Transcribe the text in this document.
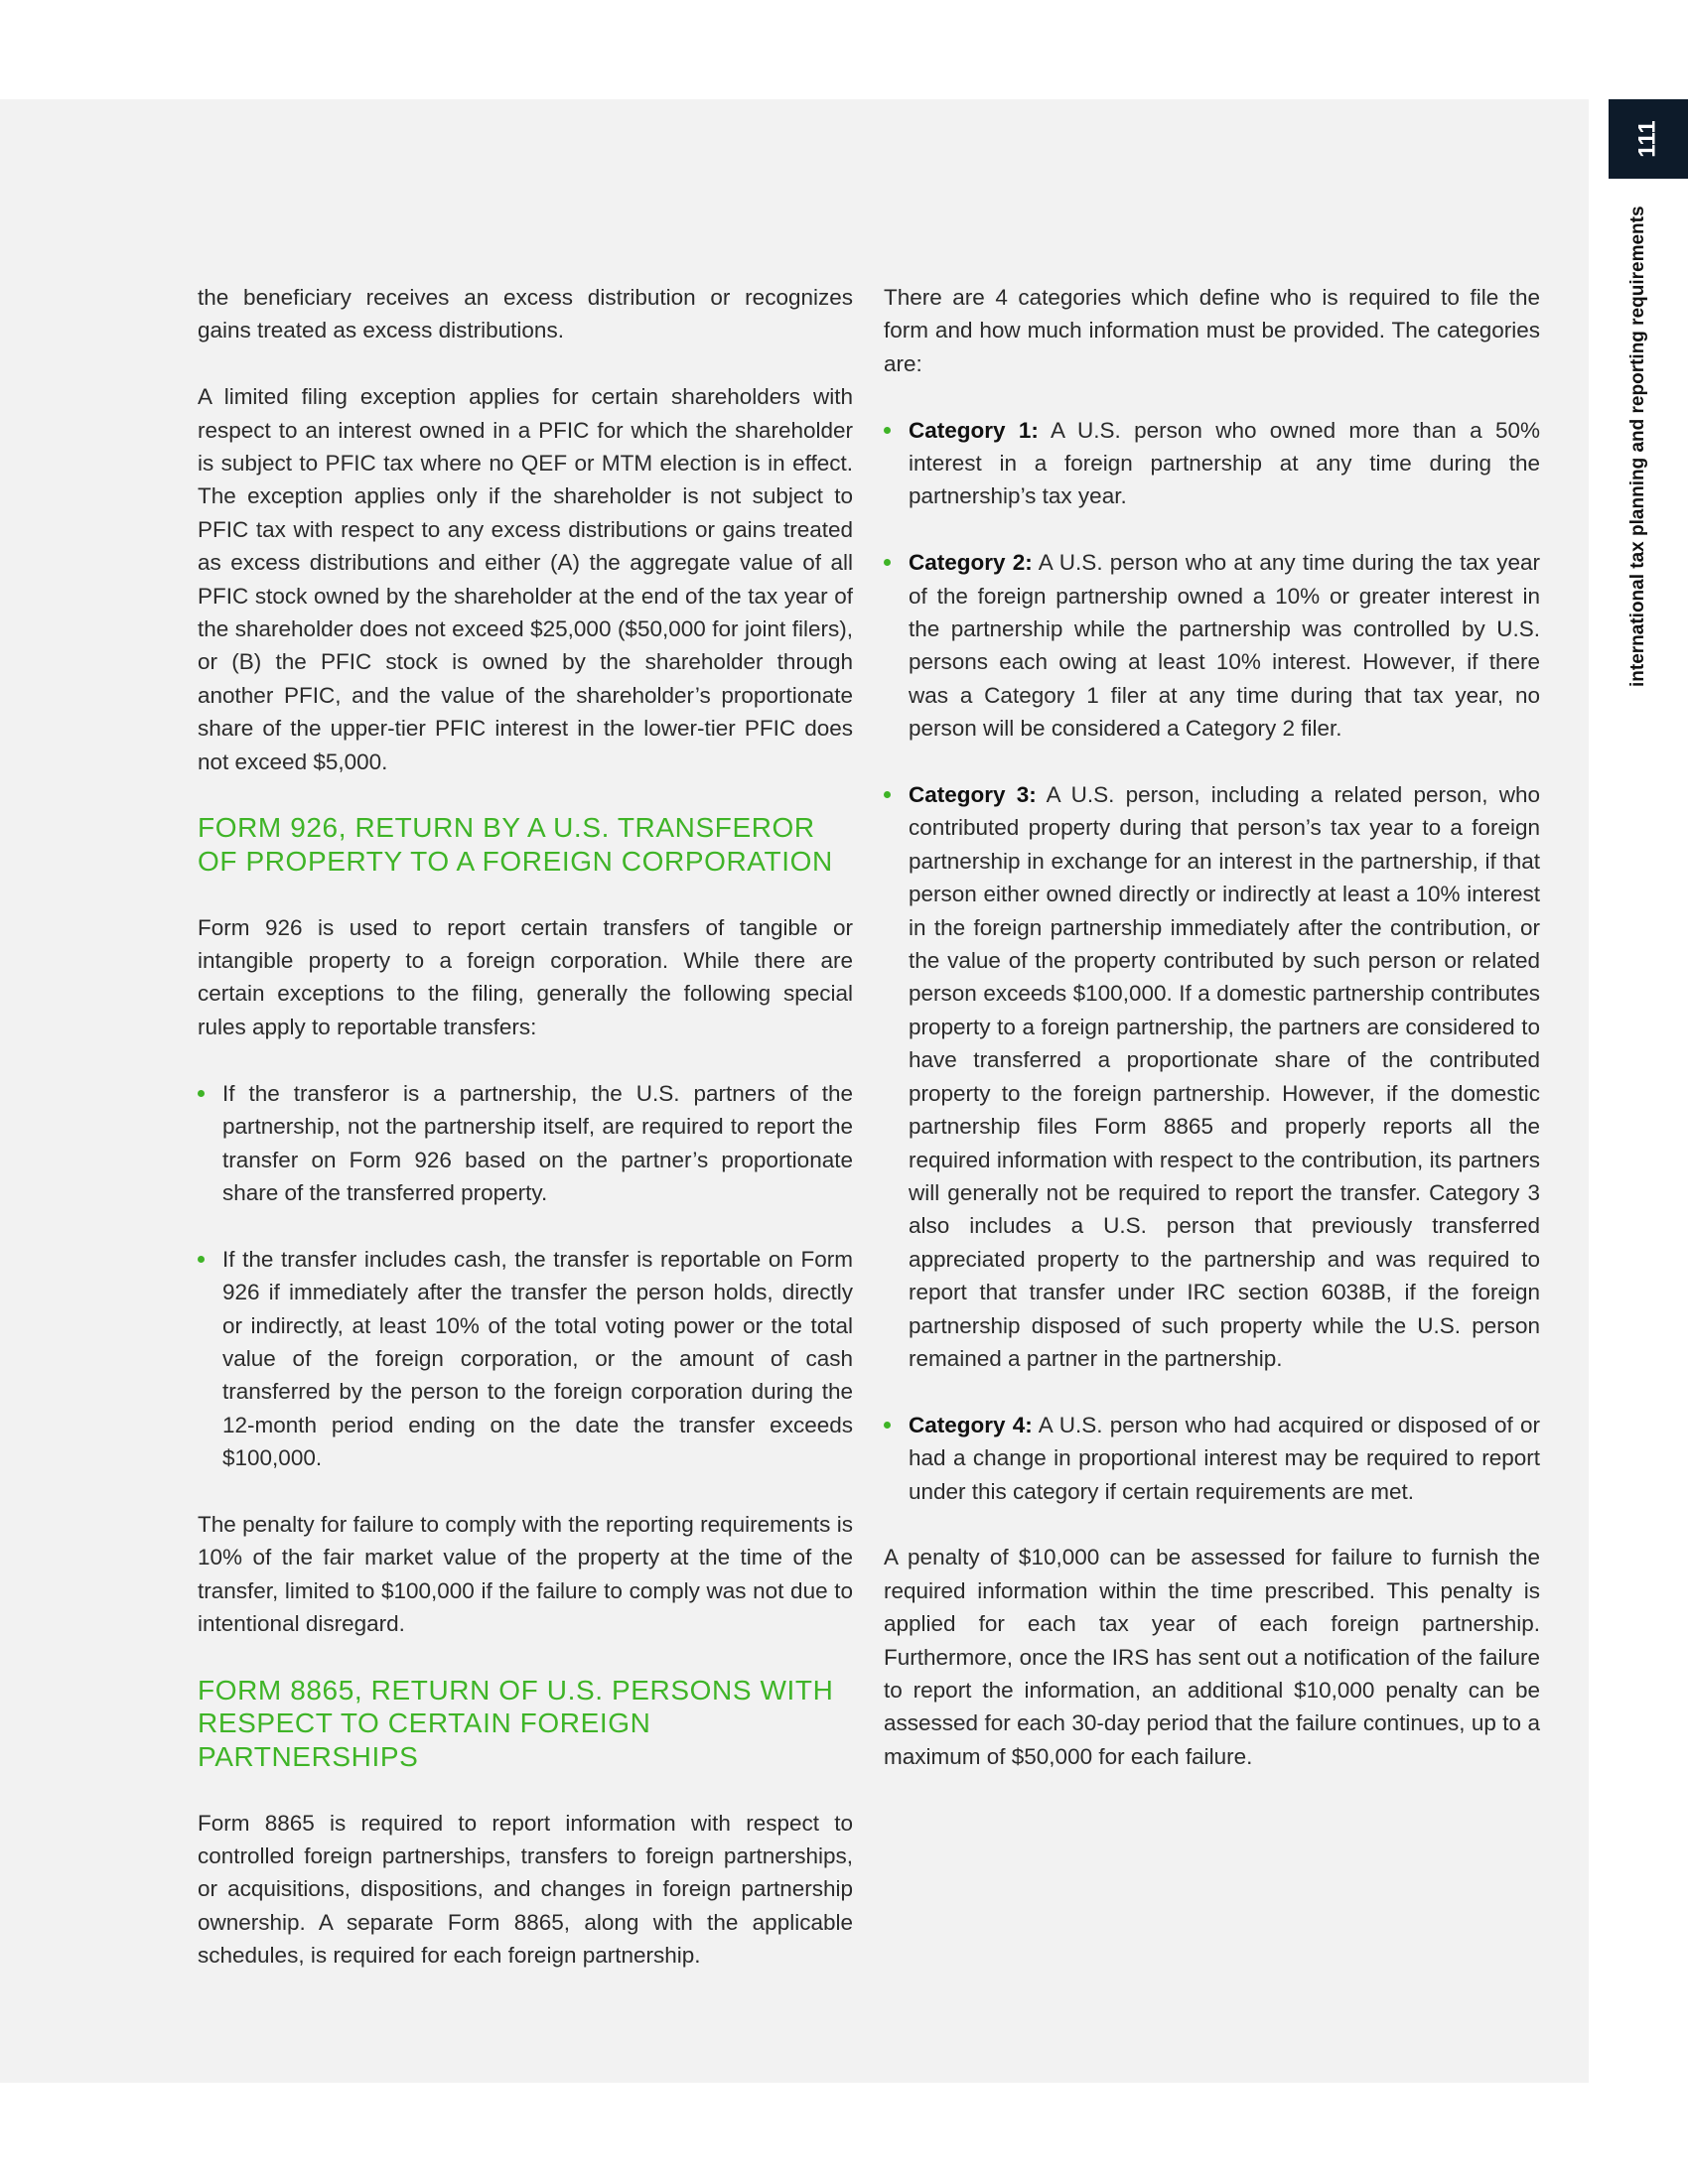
111
international tax planning and reporting requirements

the beneficiary receives an excess distribution or recognizes gains treated as excess distributions.

A limited filing exception applies for certain shareholders with respect to an interest owned in a PFIC for which the shareholder is subject to PFIC tax where no QEF or MTM election is in effect. The exception applies only if the shareholder is not subject to PFIC tax with respect to any excess distributions or gains treated as excess distributions and either (A) the aggregate value of all PFIC stock owned by the shareholder at the end of the tax year of the shareholder does not exceed $25,000 ($50,000 for joint filers), or (B) the PFIC stock is owned by the shareholder through another PFIC, and the value of the shareholder’s proportionate share of the upper-tier PFIC interest in the lower-tier PFIC does not exceed $5,000.

FORM 926, RETURN BY A U.S. TRANSFEROR OF PROPERTY TO A FOREIGN CORPORATION

Form 926 is used to report certain transfers of tangible or intangible property to a foreign corporation. While there are certain exceptions to the filing, generally the following special rules apply to reportable transfers:

If the transferor is a partnership, the U.S. partners of the partnership, not the partnership itself, are required to report the transfer on Form 926 based on the partner’s proportionate share of the transferred property.
If the transfer includes cash, the transfer is reportable on Form 926 if immediately after the transfer the person holds, directly or indirectly, at least 10% of the total voting power or the total value of the foreign corporation, or the amount of cash transferred by the person to the foreign corporation during the 12-month period ending on the date the transfer exceeds $100,000.

The penalty for failure to comply with the reporting requirements is 10% of the fair market value of the property at the time of the transfer, limited to $100,000 if the failure to comply was not due to intentional disregard.

FORM 8865, RETURN OF U.S. PERSONS WITH RESPECT TO CERTAIN FOREIGN PARTNERSHIPS

Form 8865 is required to report information with respect to controlled foreign partnerships, transfers to foreign partnerships, or acquisitions, dispositions, and changes in foreign partnership ownership. A separate Form 8865, along with the applicable schedules, is required for each foreign partnership.

There are 4 categories which define who is required to file the form and how much information must be provided. The categories are:

Category 1: A U.S. person who owned more than a 50% interest in a foreign partnership at any time during the partnership’s tax year.
Category 2: A U.S. person who at any time during the tax year of the foreign partnership owned a 10% or greater interest in the partnership while the partnership was controlled by U.S. persons each owing at least 10% interest. However, if there was a Category 1 filer at any time during that tax year, no person will be considered a Category 2 filer.
Category 3: A U.S. person, including a related person, who contributed property during that person’s tax year to a foreign partnership in exchange for an interest in the partnership, if that person either owned directly or indirectly at least a 10% interest in the foreign partnership immediately after the contribution, or the value of the property contributed by such person or related person exceeds $100,000. If a domestic partnership contributes property to a foreign partnership, the partners are considered to have transferred a proportionate share of the contributed property to the foreign partnership. However, if the domestic partnership files Form 8865 and properly reports all the required information with respect to the contribution, its partners will generally not be required to report the transfer. Category 3 also includes a U.S. person that previously transferred appreciated property to the partnership and was required to report that transfer under IRC section 6038B, if the foreign partnership disposed of such property while the U.S. person remained a partner in the partnership.
Category 4: A U.S. person who had acquired or disposed of or had a change in proportional interest may be required to report under this category if certain requirements are met.

A penalty of $10,000 can be assessed for failure to furnish the required information within the time prescribed. This penalty is applied for each tax year of each foreign partnership. Furthermore, once the IRS has sent out a notification of the failure to report the information, an additional $10,000 penalty can be assessed for each 30-day period that the failure continues, up to a maximum of $50,000 for each failure.
